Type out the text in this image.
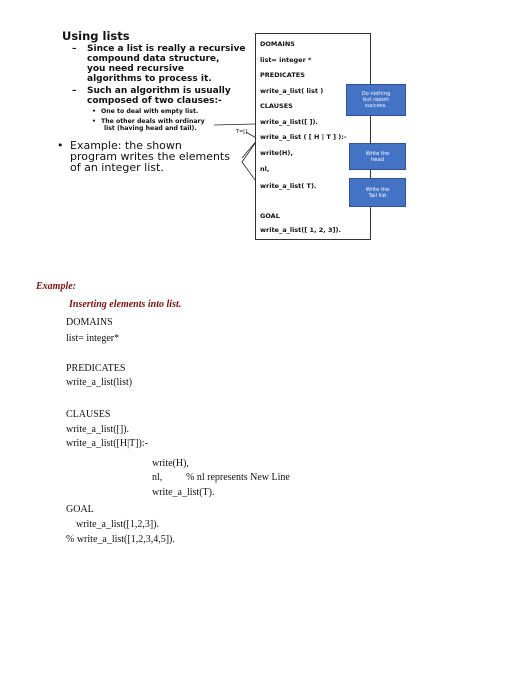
Using lists
– Since a list is really a recursive
compound data structure,
you need recursive
algorithms to process it.
– Such an algorithm is usually
composed of two clauses:-
• One to deal with empty list.
• The other deals with ordinary
list (having head and tail).
• Example: the shown
program writes the elements
of an integer list.
T=[]
DOMAINS
list= integer *
PREDICATES
write_a_list( list )
CLAUSES
write_a_list([ ]).
write_a_list ( [ H | T ] ):-
write(H),
nl,
write_a_list( T).
GOAL
write_a_list([ 1, 2, 3]).
Do nothing
but report
success.
Write the
head
Write the
Tail list
Example:
Inserting elements into list.
DOMAINS
list= integer*
PREDICATES
write_a_list(list)
CLAUSES
write_a_list([]).
write_a_list([H|T]):-
write(H),
nl, % nl represents New Line
write_a_list(T).
GOAL
write_a_list([1,2,3]).
% write_a_list([1,2,3,4,5]).
